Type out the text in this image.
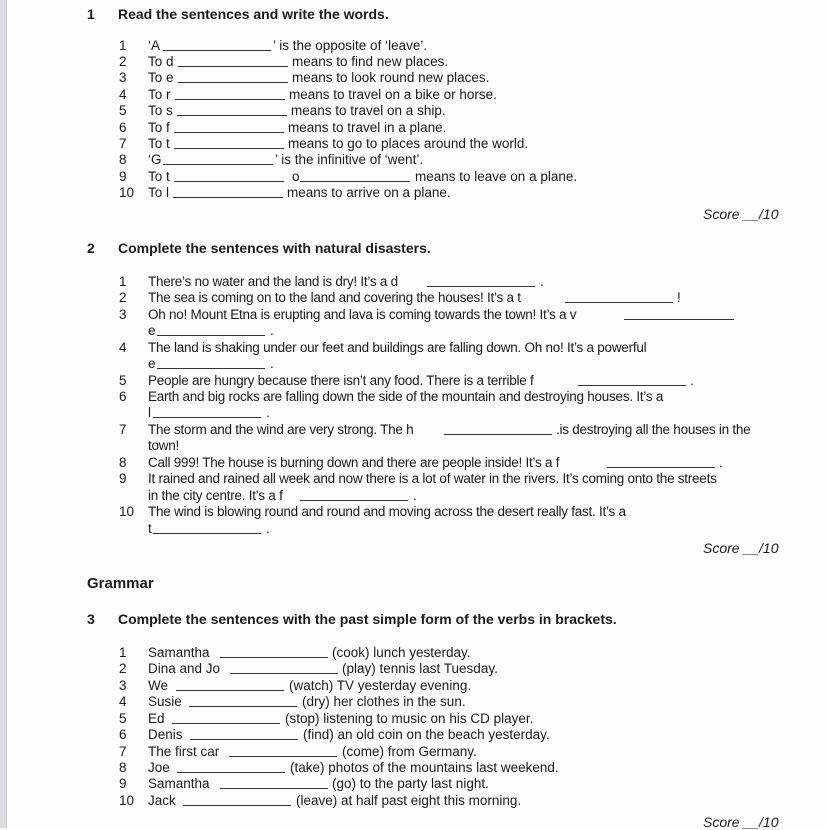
1 Read the sentences and write the words.
1 ‘A	’ is the opposite of ‘leave’.
2 To d	means to find new places.
3 To e	means to look round new places.
4 To r	means to travel on a bike or horse.
5 To s	means to travel on a ship.
6 To f	means to travel in a plane.
7 To t	means to go to places around the world.
8 ‘G	’ is the infinitive of ‘went’.
9 To t	o	means to leave on a plane.
10 To l	means to arrive on a plane.
Score __/10
2 Complete the sentences with natural disasters.
1 There’s no water and the land is dry! It’s a d	.
2 The sea is coming on to the land and covering the houses! It’s a t	!
3 Oh no! Mount Etna is erupting and lava is coming towards the town! It’s a v
e	.
4 The land is shaking under our feet and buildings are falling down. Oh no! It’s a powerful
e	.
5 People are hungry because there isn’t any food. There is a terrible f	.
6 Earth and big rocks are falling down the side of the mountain and destroying houses. It’s a
l	.
7 The storm and the wind are very strong. The h	.is destroying all the houses in the
town!
8 Call 999! The house is burning down and there are people inside! It’s a f	.
9 It rained and rained all week and now there is a lot of water in the rivers. It’s coming onto the streets
in the city centre. It’s a f	.
10 The wind is blowing round and round and moving across the desert really fast. It’s a
t	.
Score __/10
Grammar
3 Complete the sentences with the past simple form of the verbs in brackets.
1 Samantha	(cook) lunch yesterday.
2 Dina and Jo	(play) tennis last Tuesday.
3 We	(watch) TV yesterday evening.
4 Susie	(dry) her clothes in the sun.
5 Ed	(stop) listening to music on his CD player.
6 Denis	(find) an old coin on the beach yesterday.
7 The first car	(come) from Germany.
8 Joe	(take) photos of the mountains last weekend.
9 Samantha	(go) to the party last night.
10 Jack	(leave) at half past eight this morning.
Score __/10
